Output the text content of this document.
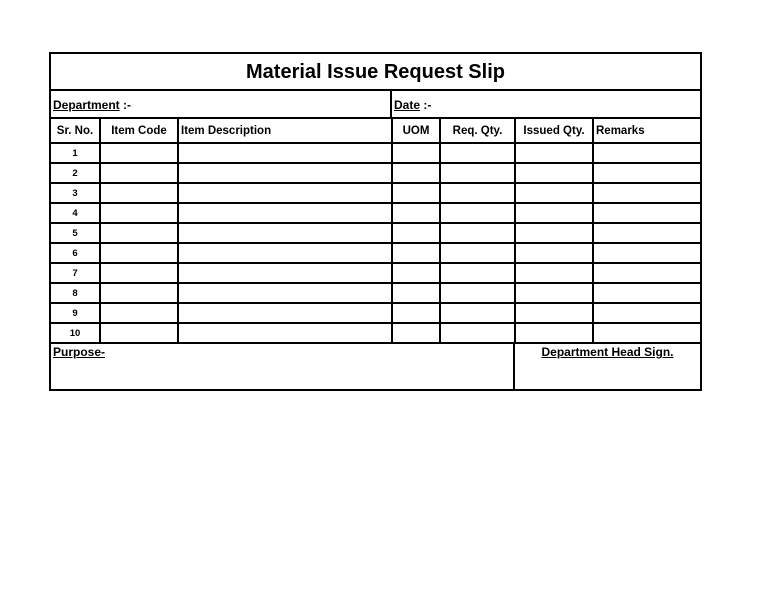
Material Issue Request Slip
Department :-	Date :-
Sr. No.	Item Code	Item Description	UOM	Req. Qty.	Issued Qty.	Remarks
1						
2						
3						
4						
5						
6						
7						
8						
9						
10						
Purpose-	Department Head Sign.
